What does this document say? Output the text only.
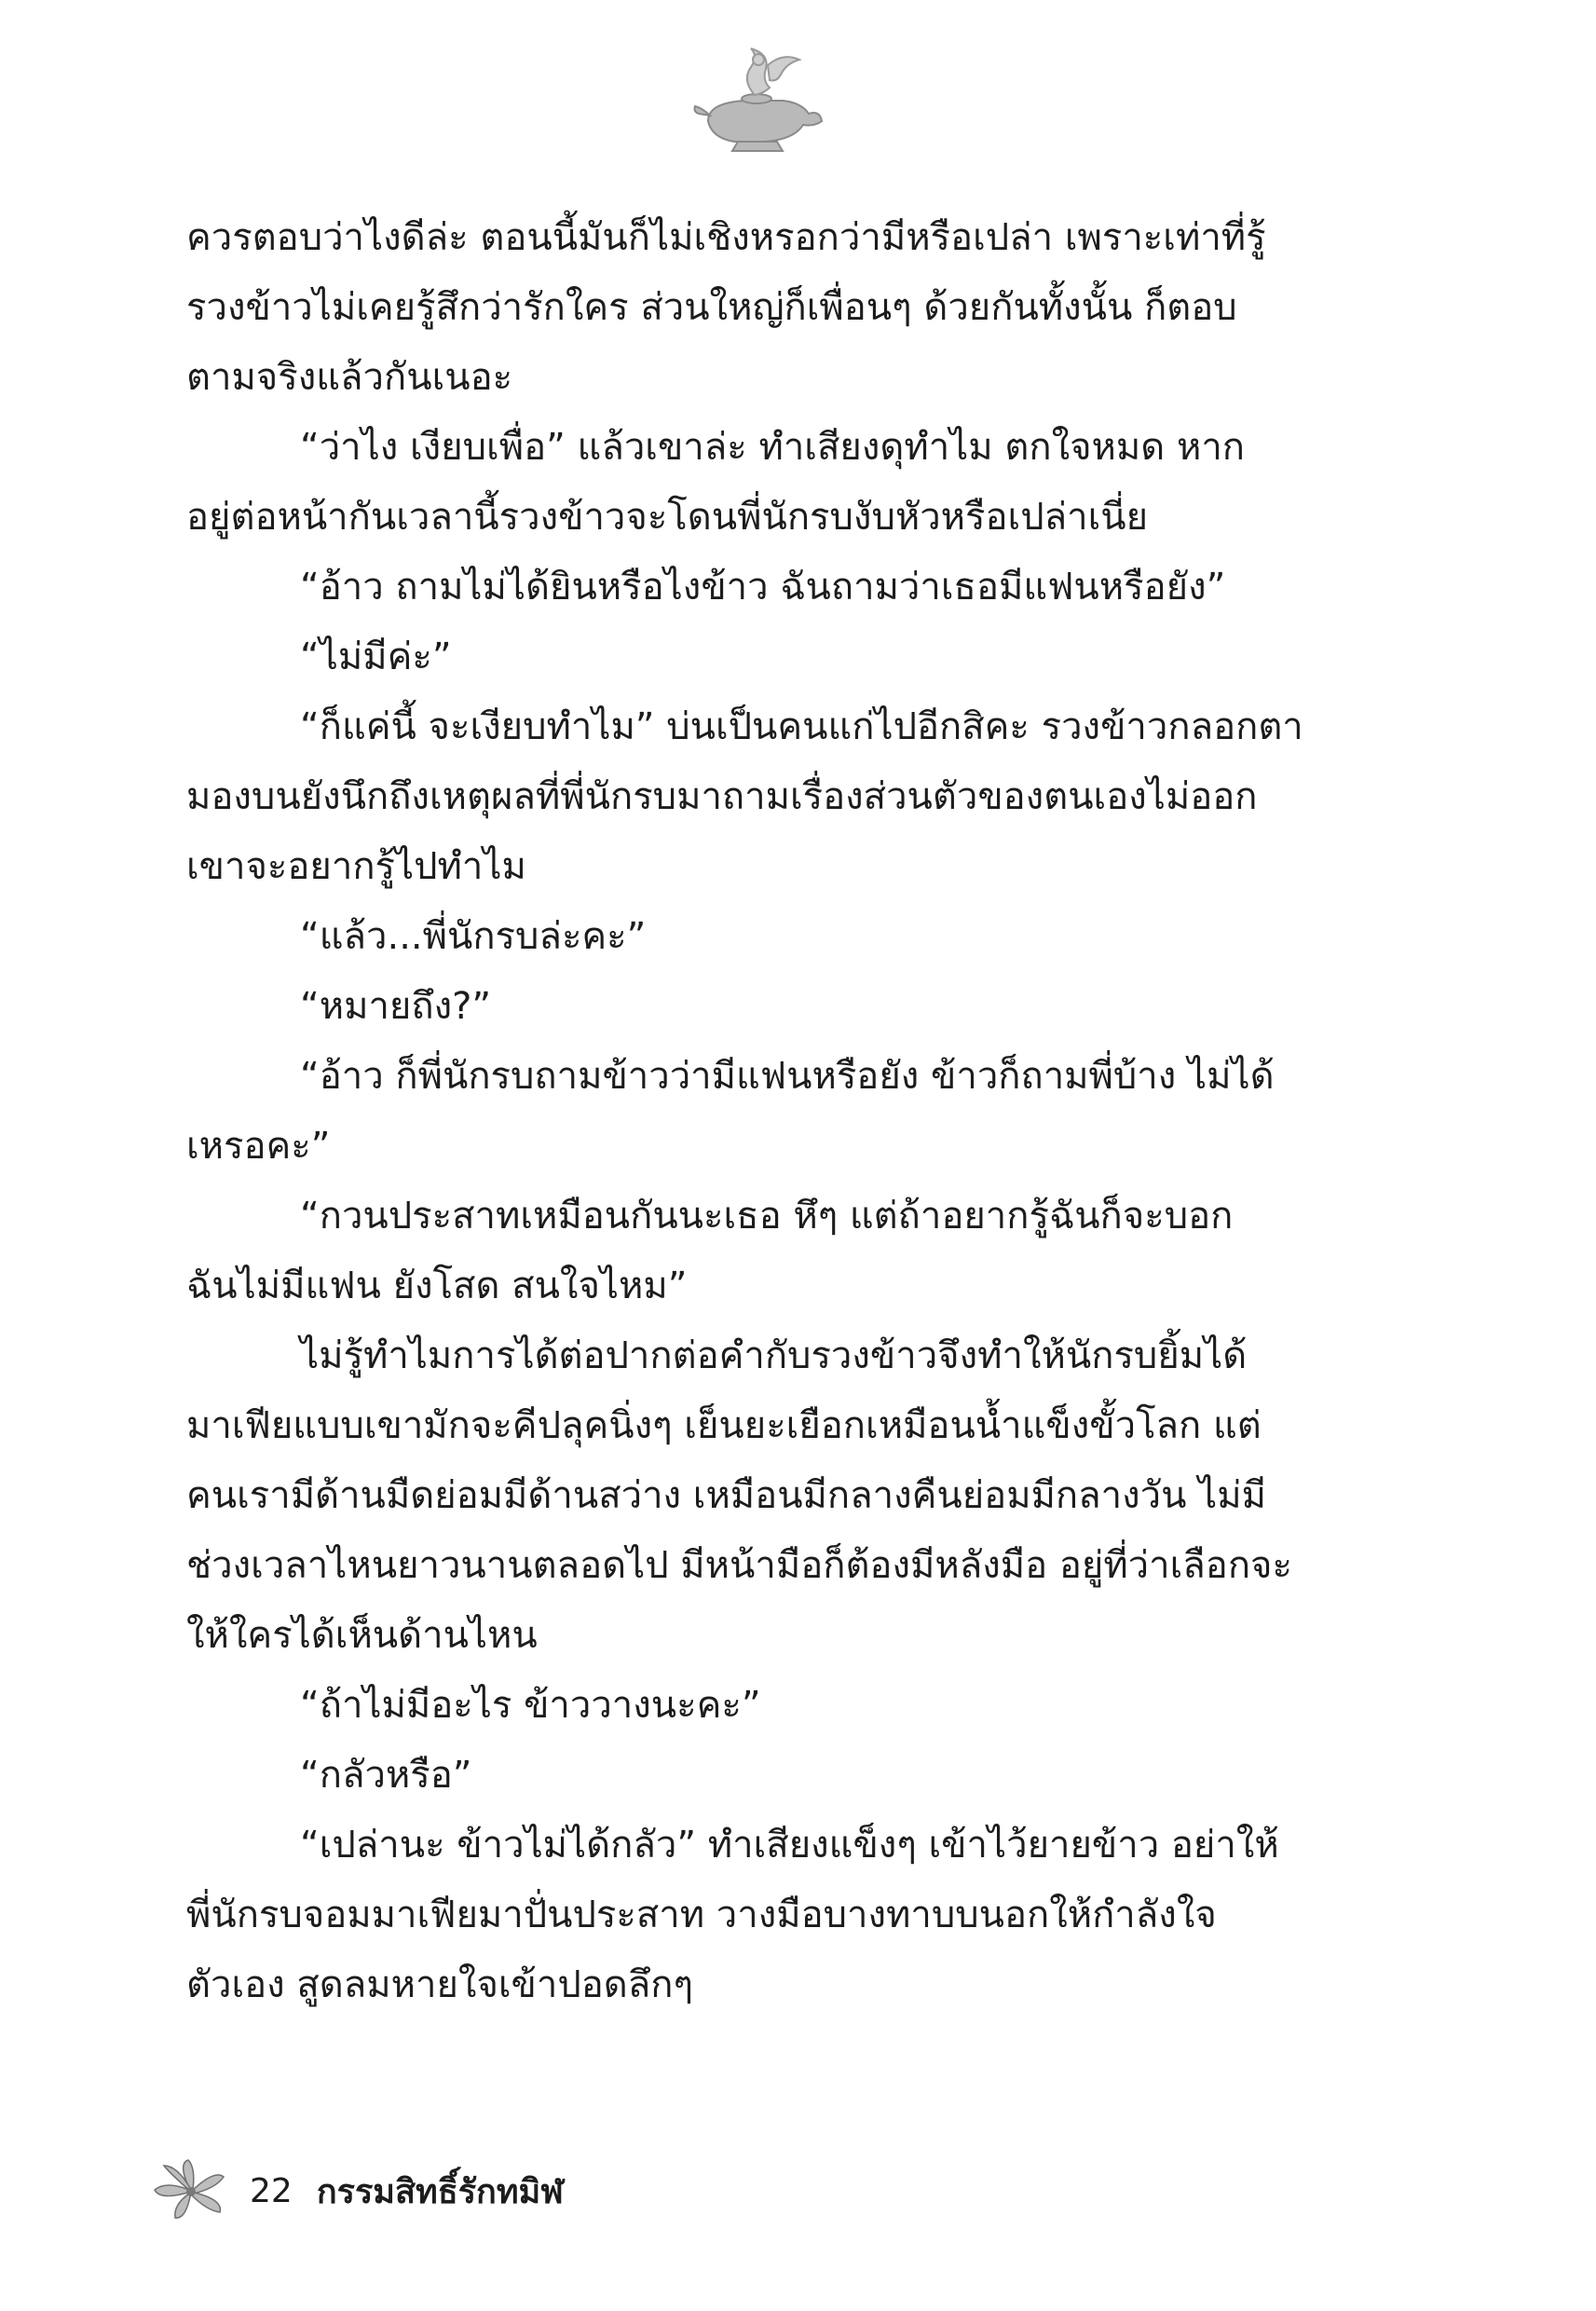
ควรตอบว่าไงดีล่ะ ตอนนี้มันก็ไม่เชิงหรอกว่ามีหรือเปล่า เพราะเท่าที่รู้
รวงข้าวไม่เคยรู้สึกว่ารักใคร ส่วนใหญ่ก็เพื่อนๆ ด้วยกันทั้งนั้น ก็ตอบ
ตามจริงแล้วกันเนอะ
“ว่าไง เงียบเพื่อ” แล้วเขาล่ะ ทำเสียงดุทำไม ตกใจหมด หาก
อยู่ต่อหน้ากันเวลานี้รวงข้าวจะโดนพี่นักรบงับหัวหรือเปล่าเนี่ย
“อ้าว ถามไม่ได้ยินหรือไงข้าว ฉันถามว่าเธอมีแฟนหรือยัง”
“ไม่มีค่ะ”
“ก็แค่นี้ จะเงียบทำไม” บ่นเป็นคนแก่ไปอีกสิคะ รวงข้าวกลอกตา
มองบนยังนึกถึงเหตุผลที่พี่นักรบมาถามเรื่องส่วนตัวของตนเองไม่ออก
เขาจะอยากรู้ไปทำไม
“แล้ว...พี่นักรบล่ะคะ”
“หมายถึง?”
“อ้าว ก็พี่นักรบถามข้าวว่ามีแฟนหรือยัง ข้าวก็ถามพี่บ้าง ไม่ได้
เหรอคะ”
“กวนประสาทเหมือนกันนะเธอ หึๆ แต่ถ้าอยากรู้ฉันก็จะบอก
ฉันไม่มีแฟน ยังโสด สนใจไหม”
ไม่รู้ทำไมการได้ต่อปากต่อคำกับรวงข้าวจึงทำให้นักรบยิ้มได้
มาเฟียแบบเขามักจะคีปลุคนิ่งๆ เย็นยะเยือกเหมือนน้ำแข็งขั้วโลก แต่
คนเรามีด้านมืดย่อมมีด้านสว่าง เหมือนมีกลางคืนย่อมมีกลางวัน ไม่มี
ช่วงเวลาไหนยาวนานตลอดไป มีหน้ามือก็ต้องมีหลังมือ อยู่ที่ว่าเลือกจะ
ให้ใครได้เห็นด้านไหน
“ถ้าไม่มีอะไร ข้าววางนะคะ”
“กลัวหรือ”
“เปล่านะ ข้าวไม่ได้กลัว” ทำเสียงแข็งๆ เข้าไว้ยายข้าว อย่าให้
พี่นักรบจอมมาเฟียมาปั่นประสาท วางมือบางทาบบนอกให้กำลังใจ
ตัวเอง สูดลมหายใจเข้าปอดลึกๆ
22 กรรมสิทธิ์รักทมิฬ
